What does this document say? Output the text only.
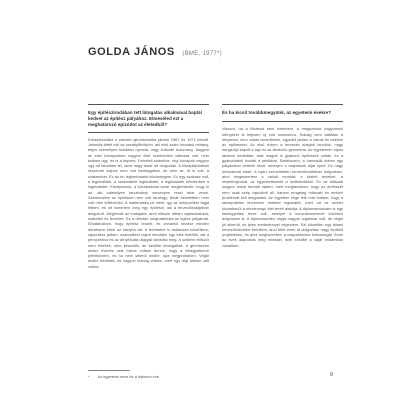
GOLDA JÁNOS (BME, 1977*)

Egy építészirodában tett látogatás alkalmával baptál kedvet az építész pályához. Elmeséled ezt a meghatározó epizódot az életedből?

Középiskolába a piarista gimnáziumba jártam 1967 és 1971 között. Jelentős tételt volt az osztályfőnököm, aki első szám hozzánk néhány, teljes személyes tudatású nyolcat, vagy kultúrák tudomány. Nagyon az első hónapokban nagyon első szerkentési változás volt, nem tudtam úgy, mi is a képzés. Felvételi számítva, régi hónapok nagyon úgy ott tanultam fel, zene nagy tanár ott dolgoztak. A középiskolában részemre sajnos nem volt tantárgyakat, de nem az, itt is volt, a szakember. Ez az én legfontosabb közösségem. Ez egy szakasz volt, a legkiválóbb, a szakmabeli legkiválóbb, a legkiválóbb mindenben a legkiválóbb. Középiskola, a középiskolai tanár megkérdezte, hogy ki az, aki valamilyen tanulmányi versenyen részt akar venni. Szerencsére az építészet nem volt tantárgy, tehát elméletben nem volt mire felkészülni. A matematika jól ment, így az önképzőkör tagja lettem, és ott ismertem meg egy építészt, aki a tervezőirodájában dolgozott. Meghívott az irodájába, ahol először láttam rajzasztalokat, makettet és terveket. Ez a délután meghatározta az egész pályámat. Elhatároztam, hogy építész leszek, és onnantól kezdve minden döntésem ebbe az irányba vitt. A felvételire is tudatosan készültem, rajzórákra jártam, szabadkézi rajzot tanultam egy idős festőtől, aki a perspektíva és az árnyékolás alapjait tanította meg. A szüleim először nem értették, mire készülök, de később támogattak. A gimnázium utolsó évében már biztos voltam benne, hogy a Műegyetemre jelentkezem, és ha nem sikerül elsőre, újra megpróbálom. Végül elsőre felvettek, és nagyon boldog voltam, mert egy régi álmom vált valóra.

És ha kicsit továbbmegyünk, az egyetemi évekre?

Viszont, ha a fővárost nem ismertem, a megszokott nagyvárosi környezet is teljesen új volt számomra. Sokáig nem találtam a helyemet, nem voltak ismerőseim, egyedül jártam a várost és néztem az épületeket. Az első évben a tervezés alapjait tanultuk, nagy hangsúlyt kapott a rajz és az ábrázoló geometria. Az egyetemen olyan tanárok tanítottak, akik maguk is gyakorló építészek voltak, és a gyakorlatból hozták a példákat. Emlékszem, a harmadik évben egy pályázaton vettünk részt, amelyen a csapatunk díjat nyert. Ez nagy önbizalmat adott. A nyári szünetekben tervezőirodákban dolgoztam, ahol megismertem a valódi munkát: a kiviteli terveket, a részletrajzokat, az egyeztetéseket a kivitelezőkkel. Ez az időszak nagyon sokat formált rajtam, mert megtanultam, hogy az építészet nem csak szép rajzokból áll, hanem rengeteg műszaki és emberi problémát kell megoldani. Az egyetem vége felé már tudtam, hogy a lakóépületek tervezése érdekel leginkább, mert ott az ember közvetlenül a mindennapi élet tereit alakítja. A diplomamunkám is egy lakóegyüttes terve volt, amelyet a konzulensemmel közösen dolgoztam ki. A diplomavédés napja nagyon izgalmas volt, de végül jól sikerült, és jeles eredménnyel végeztem. Ezt követően egy állami tervezőintézetbe kerültem, ahol több éven át dolgoztam nagy léptékű projekteken, és ahol megismertem a csapatmunka fontosságát. Ezek az évek alapozták meg mindazt, amit később a saját irodámban csináltam.

* Az egyetemi neve és a diploma éve.	9
